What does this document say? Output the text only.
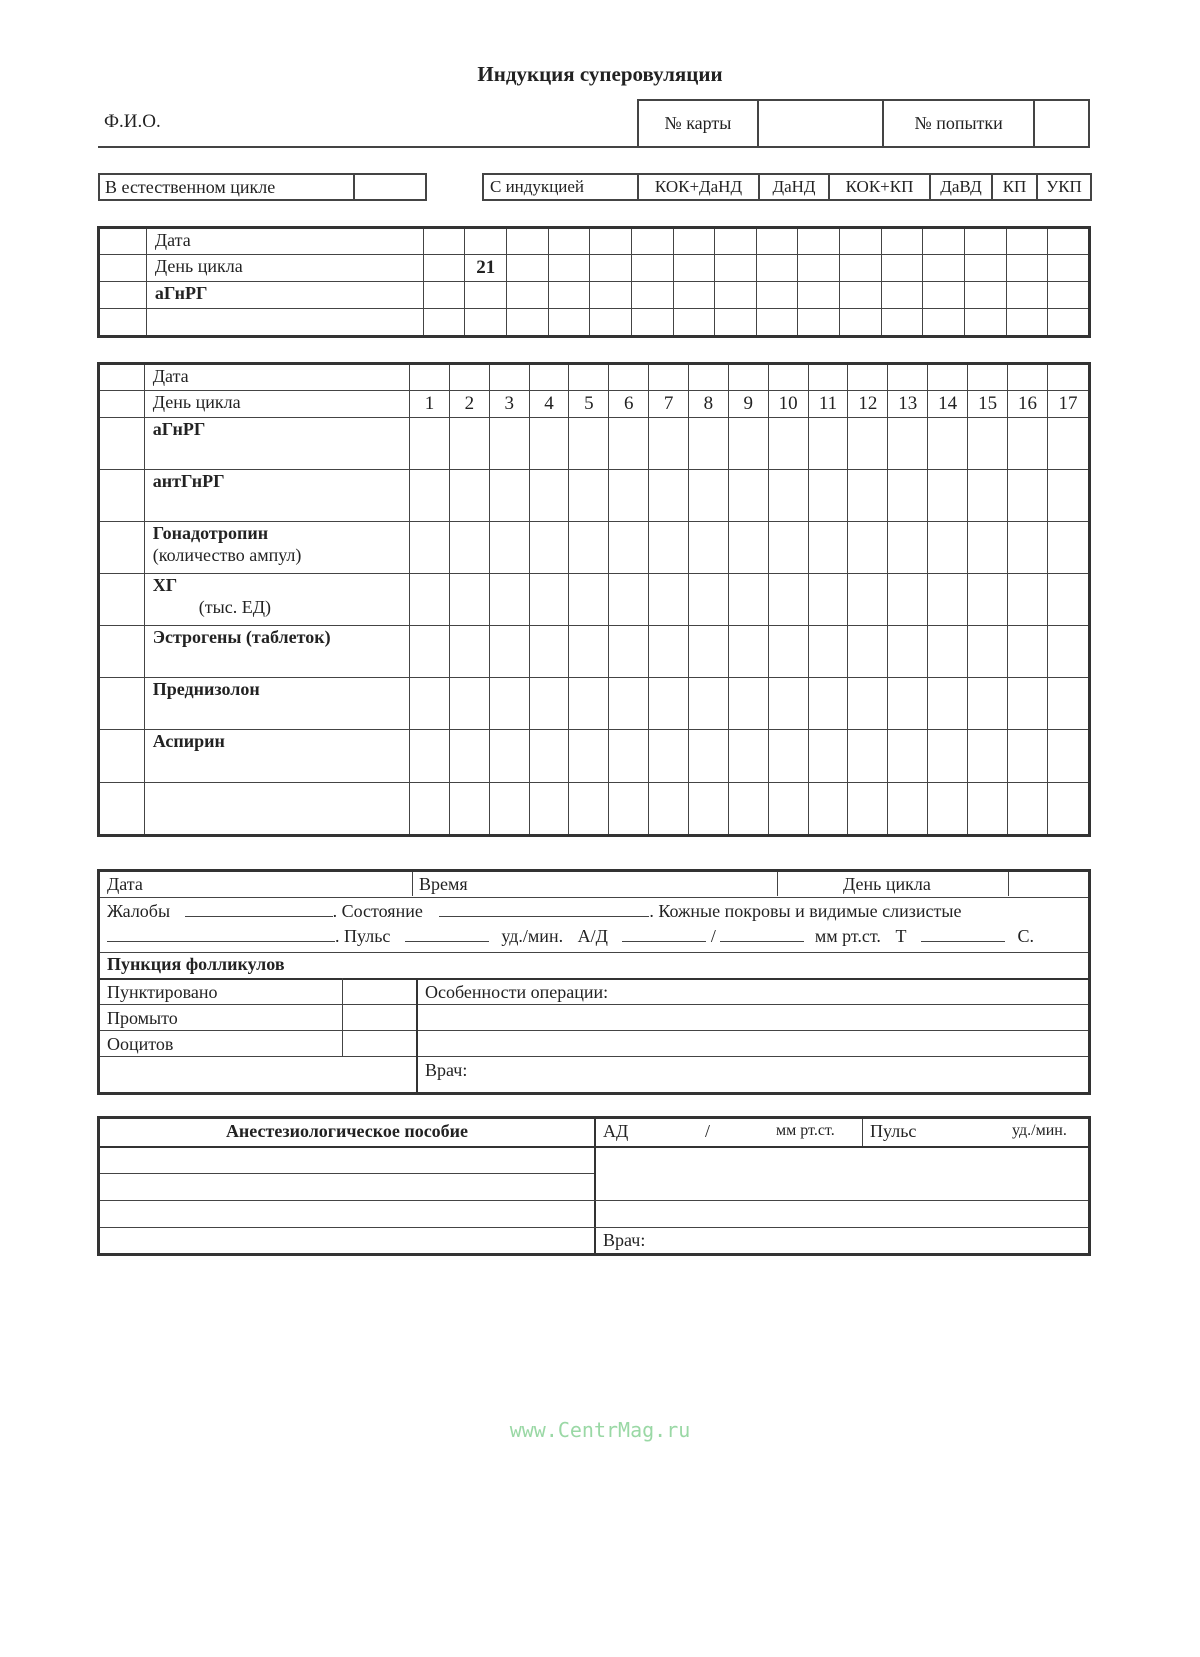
Индукция суперовуляции
Ф.И.О.	№ карты	№ попытки
В естественном цикле	С индукцией	КОК+ДаНД	ДаНД	КОК+КП	ДаВД	КП	УКП
	Дата																
	День цикла		21														
	аГнРГ																

	Дата																	
	День цикла	1	2	3	4	5	6	7	8	9	10	11	12	13	14	15	16	17
	аГнРГ																	
	антГнРГ																	
	Гонадотропин
(количество ампул)																	
	ХГ
(тыс. ЕД)																	
	Эстрогены (таблеток)																	
	Преднизолон																	
	Аспирин																	

Дата	Время	День цикла
Жалобы	. Состояние	. Кожные покровы и видимые слизистые
. Пульс	уд./мин. А/Д	/	мм рт.ст. Т	С.
Пункция фолликулов
Пунктировано
Промыто
Ооцитов
Особенности операции:
Врач:
Анестезиологическое пособие	АД	/	мм рт.ст. Пульс	уд./мин.
Врач:
www.CentrMag.ru
